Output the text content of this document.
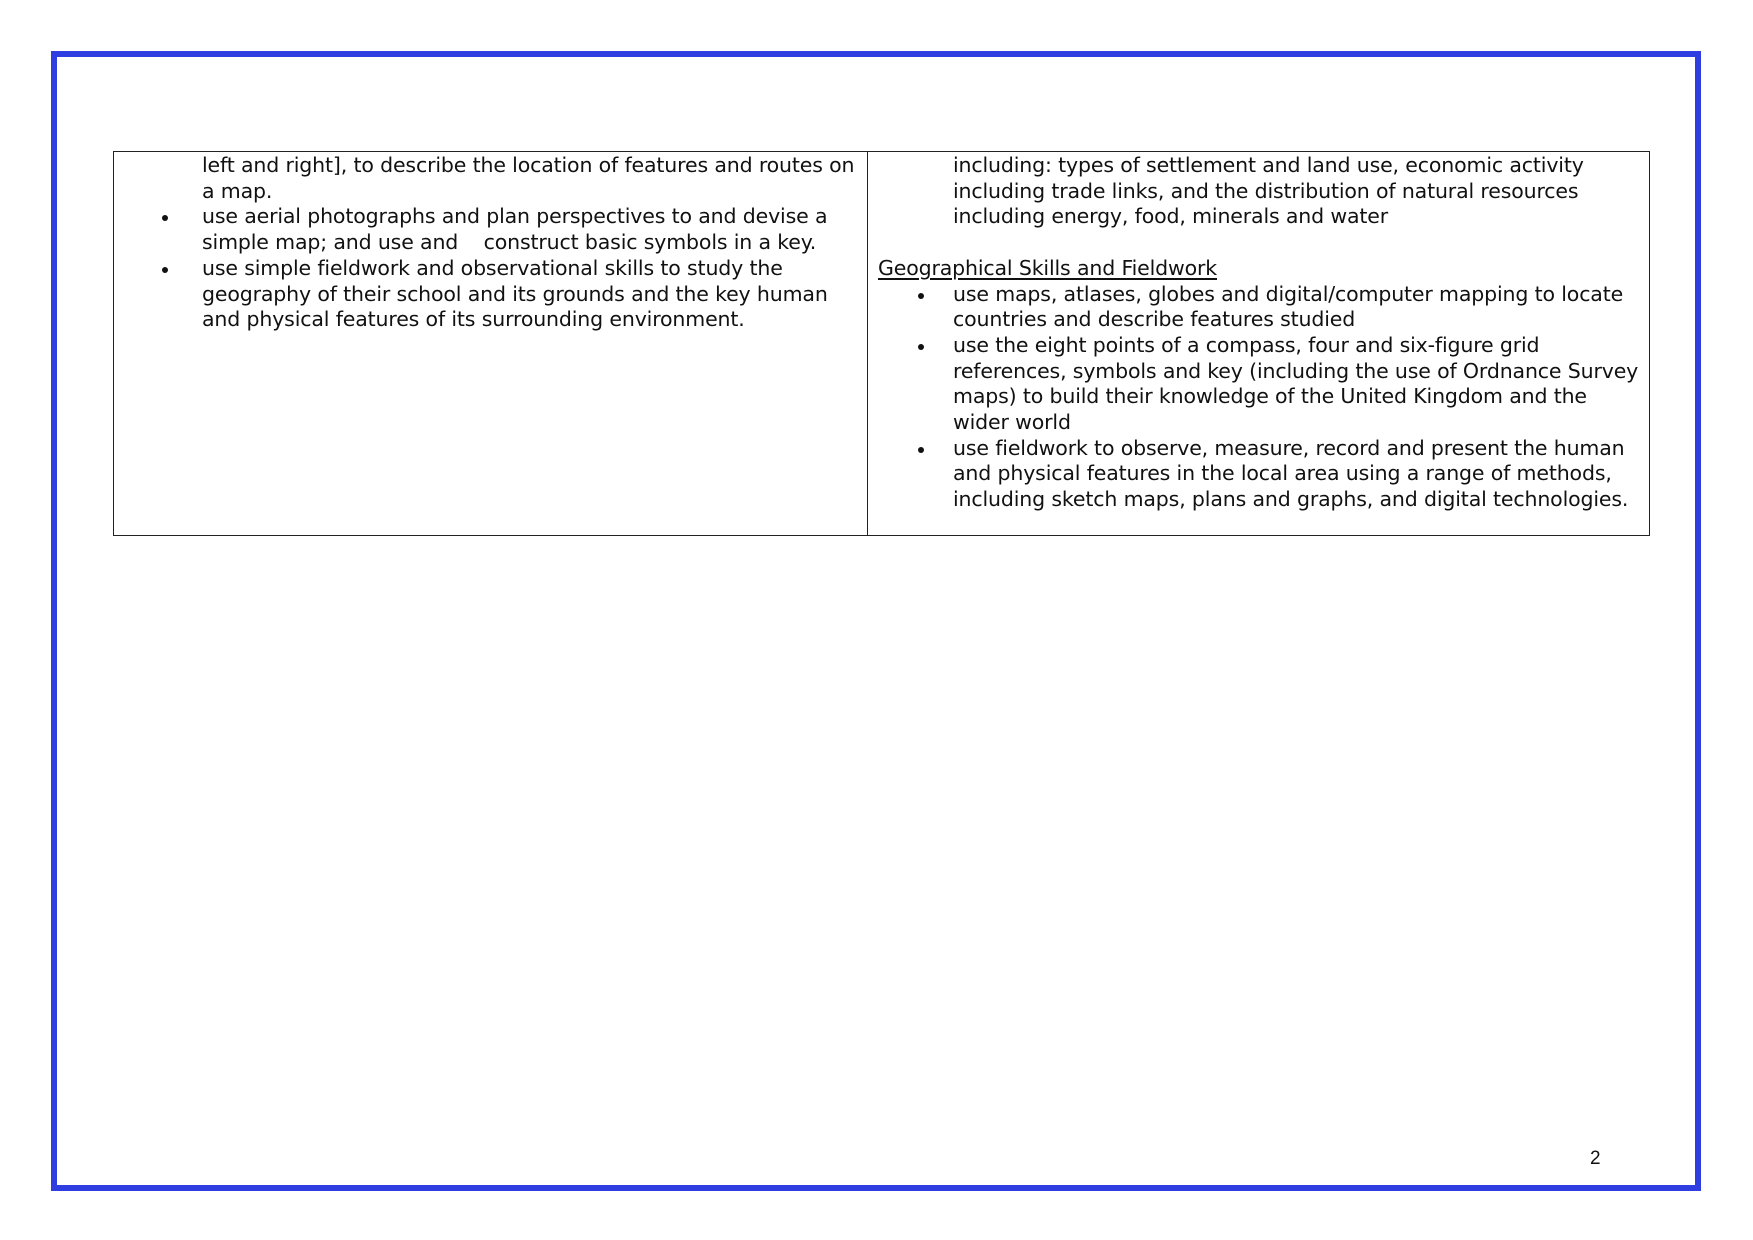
left and right], to describe the location of features and routes on a map.

use aerial photographs and plan perspectives to and devise a simple map; and use and    construct basic symbols in a key.
use simple fieldwork and observational skills to study the geography of their school and its grounds and the key human and physical features of its surrounding environment.

including: types of settlement and land use, economic activity including trade links, and the distribution of natural resources including energy, food, minerals and water

Geographical Skills and Fieldwork

use maps, atlases, globes and digital/computer mapping to locate countries and describe features studied
use the eight points of a compass, four and six-figure grid references, symbols and key (including the use of Ordnance Survey maps) to build their knowledge of the United Kingdom and the wider world
use fieldwork to observe, measure, record and present the human and physical features in the local area using a range of methods, including sketch maps, plans and graphs, and digital technologies.
2
